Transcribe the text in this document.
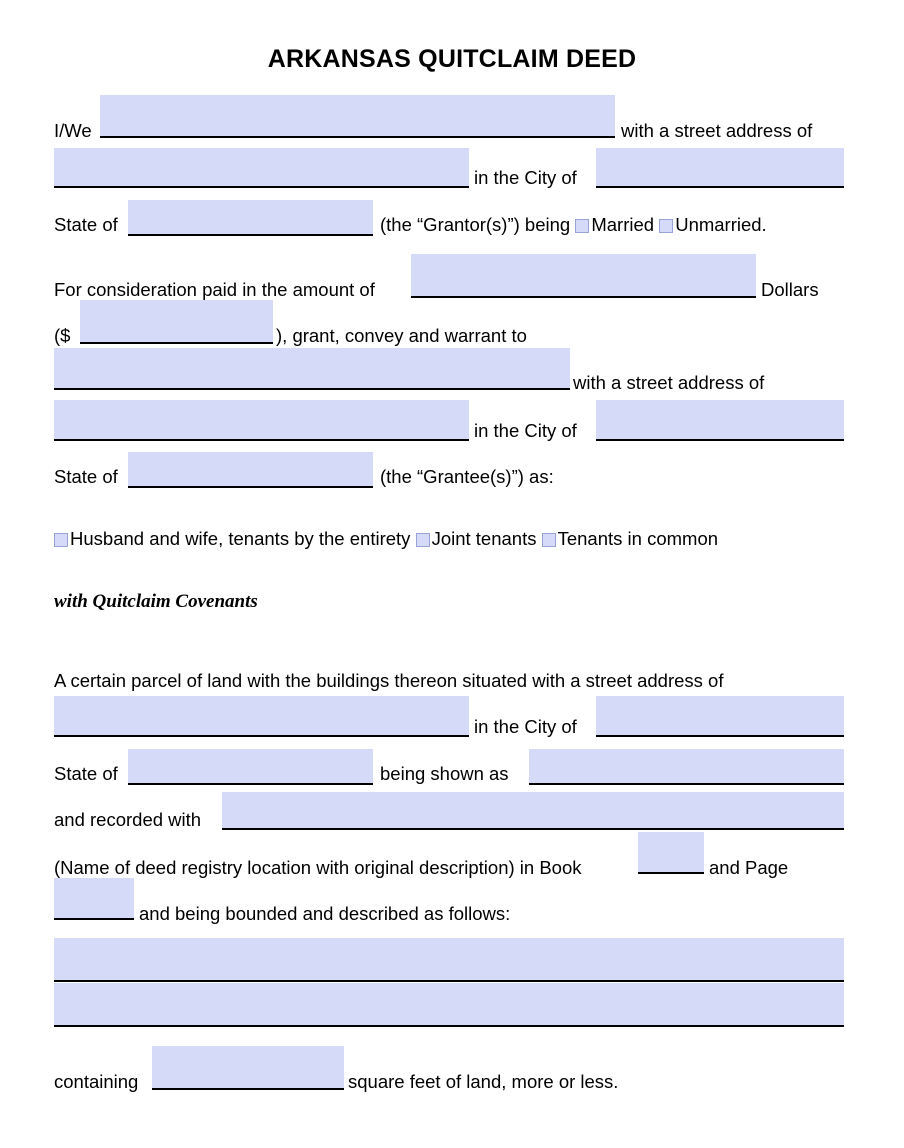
ARKANSAS QUITCLAIM DEED
I/We	with a street address of
in the City of
State of	(the “Grantor(s)”) being Married Unmarried.
For consideration paid in the amount of	Dollars
($	), grant, convey and warrant to
with a street address of
in the City of
State of	(the “Grantee(s)”) as:
Husband and wife, tenants by the entirety Joint tenants Tenants in common
with Quitclaim Covenants
A certain parcel of land with the buildings thereon situated with a street address of
in the City of
State of	being shown as
and recorded with
(Name of deed registry location with original description) in Book	and Page
and being bounded and described as follows:
containing	square feet of land, more or less.
